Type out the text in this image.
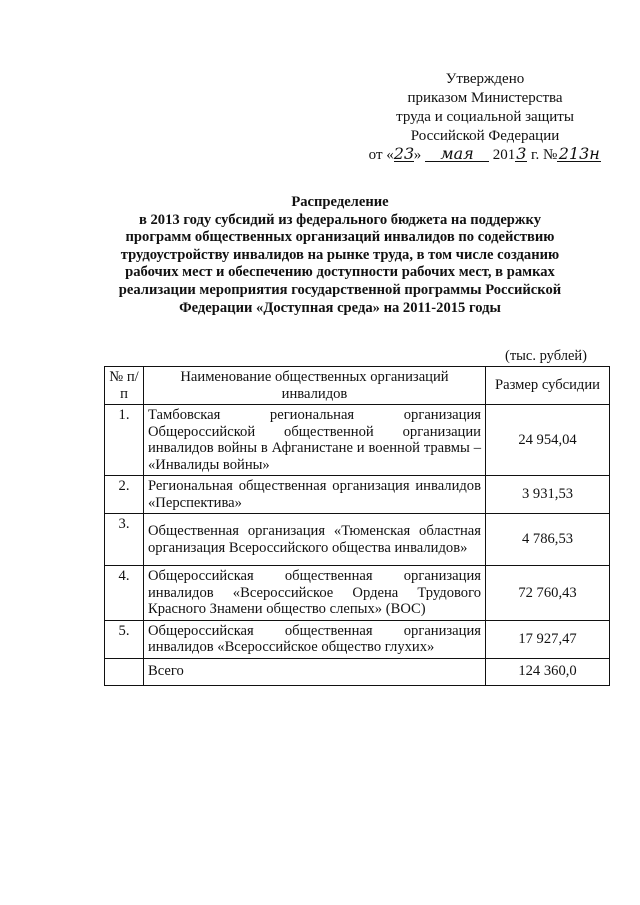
Утверждено
приказом Министерства
труда и социальной защиты
Российской Федерации
от «23» мая 2013 г. №213н
Распределение
в 2013 году субсидий из федерального бюджета на поддержку
программ общественных организаций инвалидов по содействию
трудоустройству инвалидов на рынке труда, в том числе созданию
рабочих мест и обеспечению доступности рабочих мест, в рамках
реализации мероприятия государственной программы Российской
Федерации «Доступная среда» на 2011-2015 годы
(тыс. рублей)
№ п/п	Наименование общественных организаций инвалидов	Размер субсидии
1.	Тамбовская региональная организация Общероссийской общественной организации инвалидов войны в Афганистане и военной травмы – «Инвалиды войны»	24 954,04
2.	Региональная общественная организация инвалидов «Перспектива»	3 931,53
3.	Общественная организация «Тюменская областная организация Всероссийского общества инвалидов»	4 786,53
4.	Общероссийская общественная организация инвалидов «Всероссийское Ордена Трудового Красного Знамени общество слепых» (ВОС)	72 760,43
5.	Общероссийская общественная организация инвалидов «Всероссийское общество глухих»	17 927,47
	Всего	124 360,0
